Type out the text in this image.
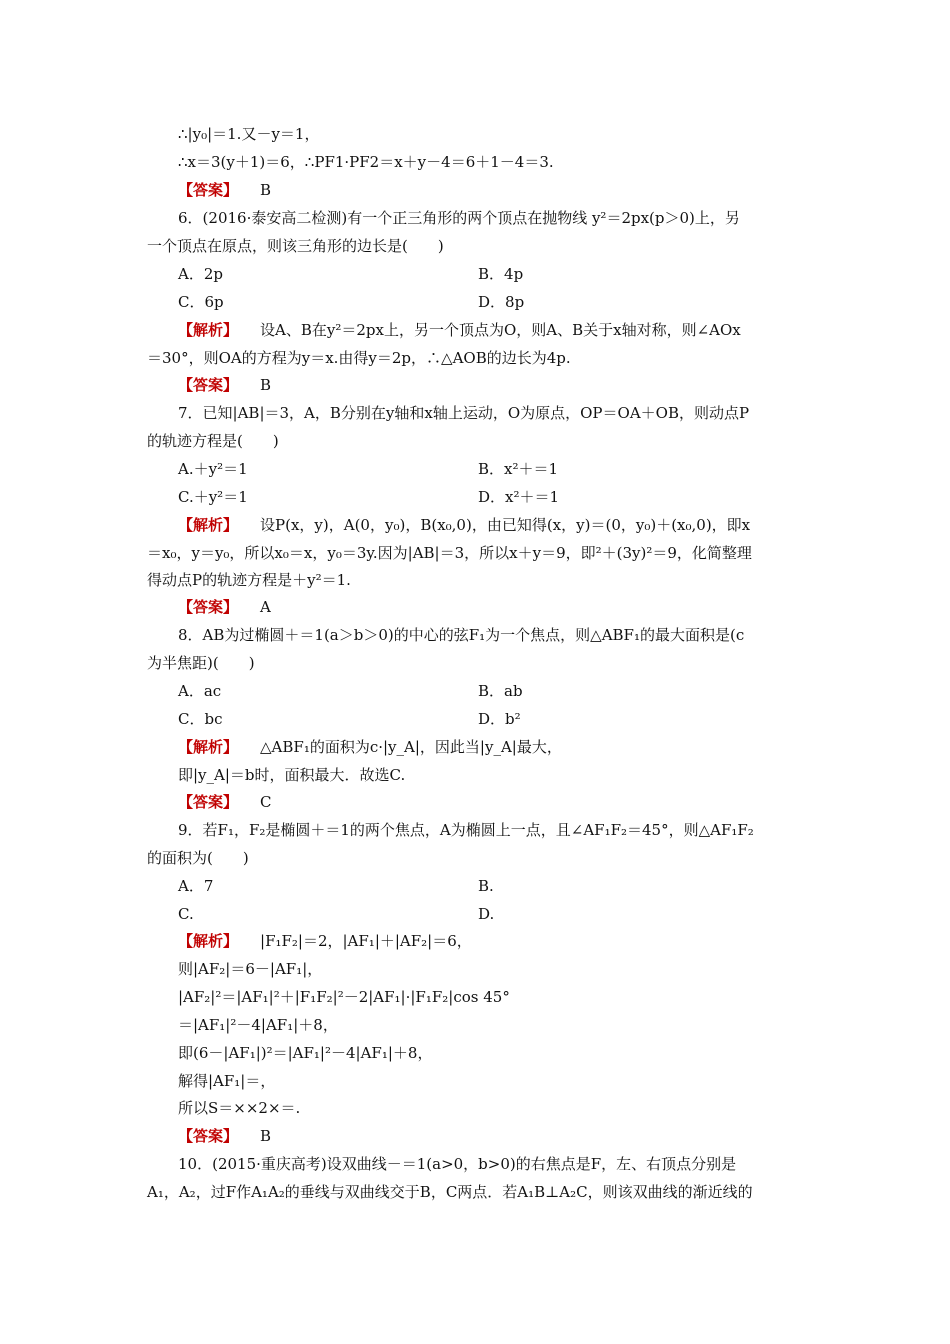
∴|y₀|＝1.又－y＝1，
∴x＝3(y＋1)＝6，∴PF1·PF2＝x＋y－4＝6＋1－4＝3.
【答案】 B
6．(2016·泰安高二检测)有一个正三角形的两个顶点在抛物线 y²＝2px(p＞0)上，另
一个顶点在原点，则该三角形的边长是(　　)
A．2p	B．4p
C．6p	D．8p
【解析】 设A、B在y²＝2px上，另一个顶点为O，则A、B关于x轴对称，则∠AOx
＝30°，则OA的方程为y＝x.由得y＝2p，∴△AOB的边长为4p.
【答案】 B
7．已知|AB|＝3，A，B分别在y轴和x轴上运动，O为原点，OP＝OA＋OB，则动点P
的轨迹方程是(　　)
A.＋y²＝1	B．x²＋＝1
C.＋y²＝1	D．x²＋＝1
【解析】 设P(x，y)，A(0，y₀)，B(x₀,0)，由已知得(x，y)＝(0，y₀)＋(x₀,0)，即x
＝x₀，y＝y₀，所以x₀＝x，y₀＝3y.因为|AB|＝3，所以x＋y＝9，即²＋(3y)²＝9，化简整理
得动点P的轨迹方程是＋y²＝1.
【答案】 A
8．AB为过椭圆＋＝1(a＞b＞0)的中心的弦F₁为一个焦点，则△ABF₁的最大面积是(c
为半焦距)(　　)
A．ac	B．ab
C．bc	D．b²
【解析】 △ABF₁的面积为c·|y_A|，因此当|y_A|最大，
即|y_A|＝b时，面积最大．故选C.
【答案】 C
9．若F₁，F₂是椭圆＋＝1的两个焦点，A为椭圆上一点，且∠AF₁F₂＝45°，则△AF₁F₂
的面积为(　　)
A．7	B.
C.	D.
【解析】 |F₁F₂|＝2，|AF₁|＋|AF₂|＝6，
则|AF₂|＝6－|AF₁|，
|AF₂|²＝|AF₁|²＋|F₁F₂|²－2|AF₁|·|F₁F₂|cos 45°
＝|AF₁|²－4|AF₁|＋8，
即(6－|AF₁|)²＝|AF₁|²－4|AF₁|＋8，
解得|AF₁|＝，
所以S＝××2×＝.
【答案】 B
10．(2015·重庆高考)设双曲线－＝1(a>0，b>0)的右焦点是F，左、右顶点分别是
A₁，A₂，过F作A₁A₂的垂线与双曲线交于B，C两点．若A₁B⊥A₂C，则该双曲线的渐近线的
